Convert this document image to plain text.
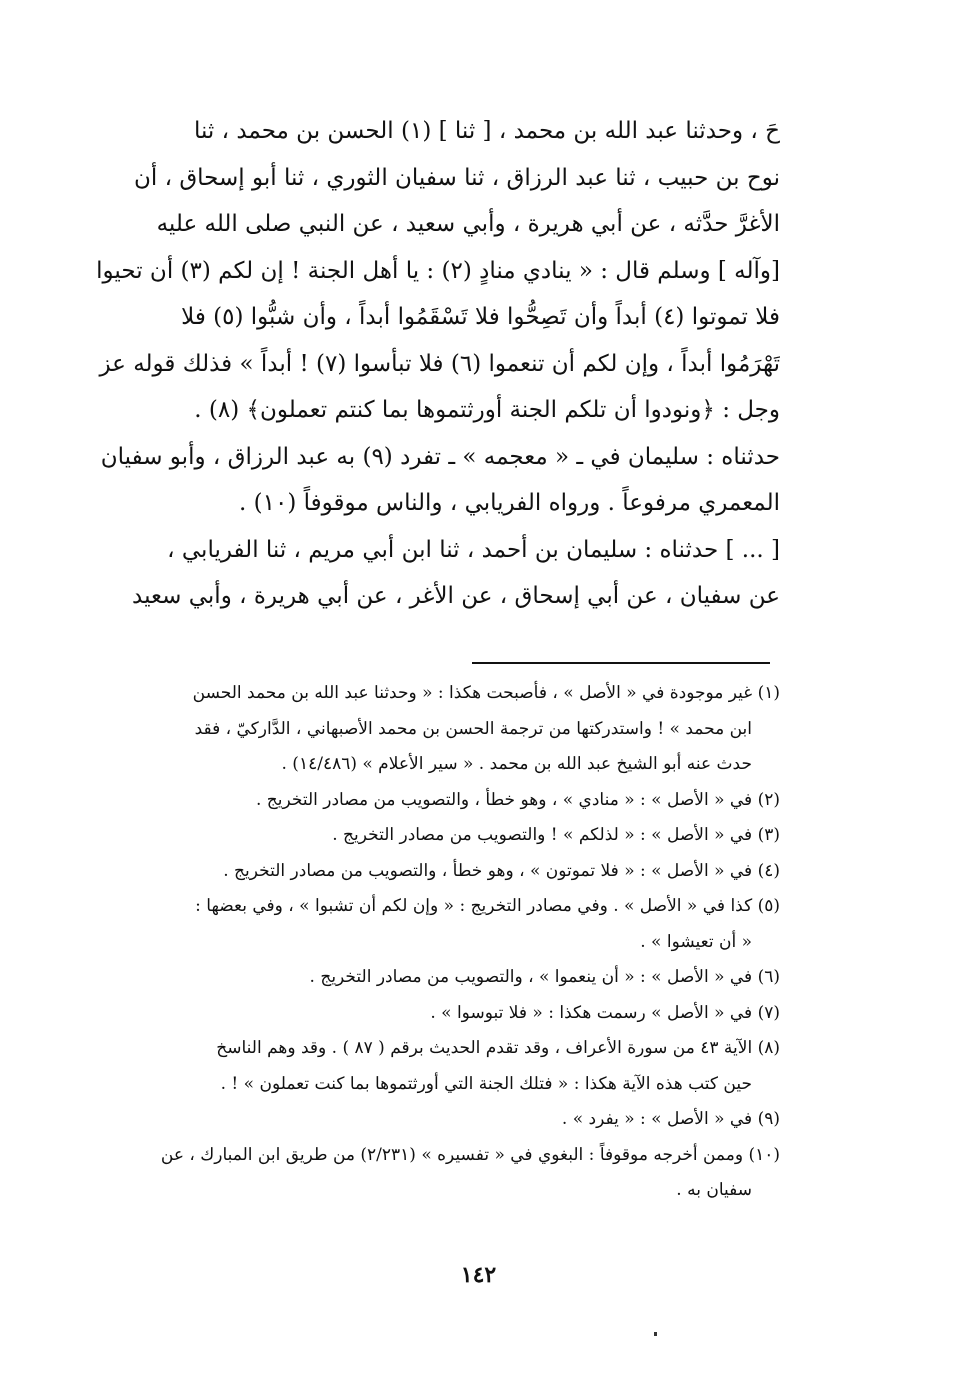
حَ ، وحدثنا عبد الله بن محمد ، [ ثنا ] (١) الحسن بن محمد ، ثنا
نوح بن حبيب ، ثنا عبد الرزاق ، ثنا سفيان الثوري ، ثنا أبو إسحاق ، أن
الأغرَّ حدَّثه ، عن أبي هريرة ، وأبي سعيد ، عن النبي صلى الله عليه
[وآله ] وسلم قال : « ينادي منادٍ (٢) : يا أهل الجنة ! إن لكم (٣) أن تحيوا
فلا تموتوا (٤) أبداً وأن تَصِحُّوا فلا تَسْقَمُوا أبداً ، وأن شبُّوا (٥) فلا
تَهْرَمُوا أبداً ، وإن لكم أن تنعموا (٦) فلا تبأسوا (٧) ! أبداً » فذلك قوله عز
وجل : ﴿ونودوا أن تلكم الجنة أورثتموها بما كنتم تعملون﴾ (٨) .
حدثناه : سليمان في ـ « معجمه » ـ تفرد (٩) به عبد الرزاق ، وأبو سفيان
المعمري مرفوعاً . ورواه الفريابي ، والناس موقوفاً (١٠) .
[ ... ] حدثناه : سليمان بن أحمد ، ثنا ابن أبي مريم ، ثنا الفريابي ،
عن سفيان ، عن أبي إسحاق ، عن الأغر ، عن أبي هريرة ، وأبي سعيد
(١) غير موجودة في « الأصل » ، فأصبحت هكذا : « وحدثنا عبد الله بن محمد الحسن
ابن محمد » ! واستدركتها من ترجمة الحسن بن محمد الأصبهاني ، الدَّاركيّ ، فقد
حدث عنه أبو الشيخ عبد الله بن محمد . « سير الأعلام » (١٤/٤٨٦) .
(٢) في « الأصل » : « منادي » ، وهو خطأ ، والتصويب من مصادر التخريج .
(٣) في « الأصل » : « لذلكم » ! والتصويب من مصادر التخريج .
(٤) في « الأصل » : « فلا تموتون » ، وهو خطأ ، والتصويب من مصادر التخريج .
(٥) كذا في « الأصل » . وفي مصادر التخريج : « وإن لكم أن تشبوا » ، وفي بعضها :
« أن تعيشوا » .
(٦) في « الأصل » : « أن ينعموا » ، والتصويب من مصادر التخريج .
(٧) في « الأصل » رسمت هكذا : « فلا تبوسوا » .
(٨) الآية ٤٣ من سورة الأعراف ، وقد تقدم الحديث برقم ( ٨٧ ) . وقد وهم الناسخ
حين كتب هذه الآية هكذا : « فتلك الجنة التي أورثتموها بما كنت تعملون » ! .
(٩) في « الأصل » : « يفرد » .
(١٠) وممن أخرجه موقوفاً : البغوي في « تفسيره » (٢/٢٣١) من طريق ابن المبارك ، عن
سفيان به .
١٤٢
